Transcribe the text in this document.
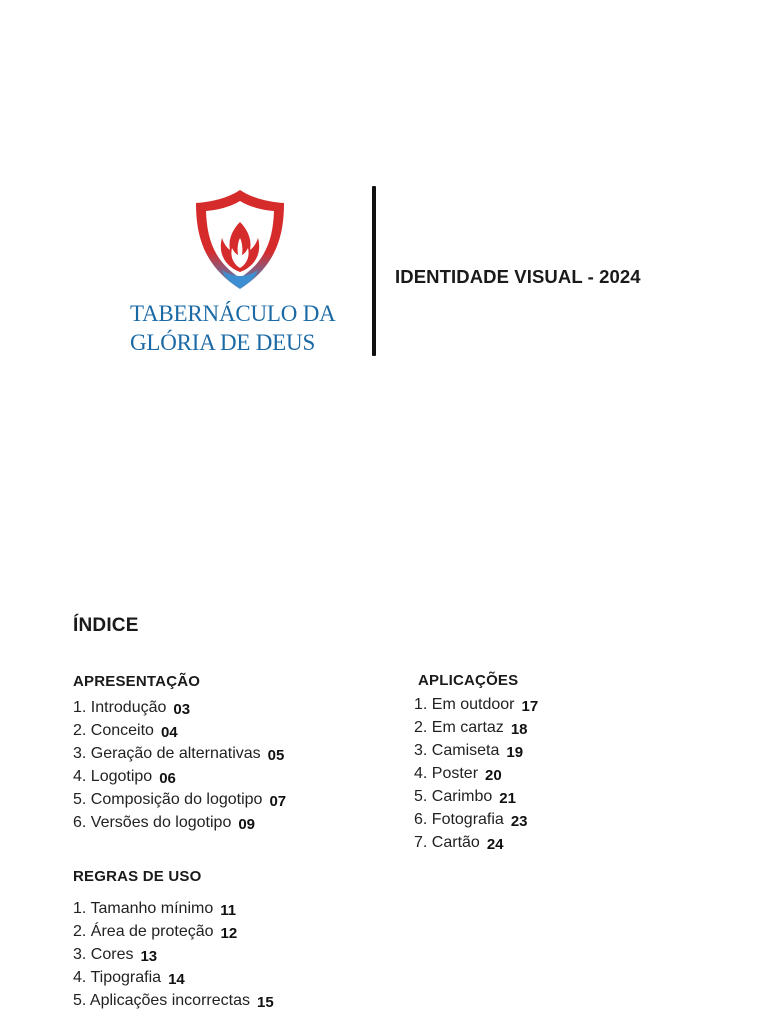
TABERNÁCULO DA
GLÓRIA DE DEUS
IDENTIDADE VISUAL - 2024
ÍNDICE
APRESENTAÇÃO
1. Introdução 03
2. Conceito 04
3. Geração de alternativas 05
4. Logotipo 06
5. Composição do logotipo 07
6. Versões do logotipo 09
REGRAS DE USO
1. Tamanho mínimo 11
2. Área de proteção 12
3. Cores 13
4. Tipografia 14
5. Aplicações incorrectas 15
APLICAÇÕES
1. Em outdoor 17
2. Em cartaz 18
3. Camiseta 19
4. Poster 20
5. Carimbo 21
6. Fotografia 23
7. Cartão 24
